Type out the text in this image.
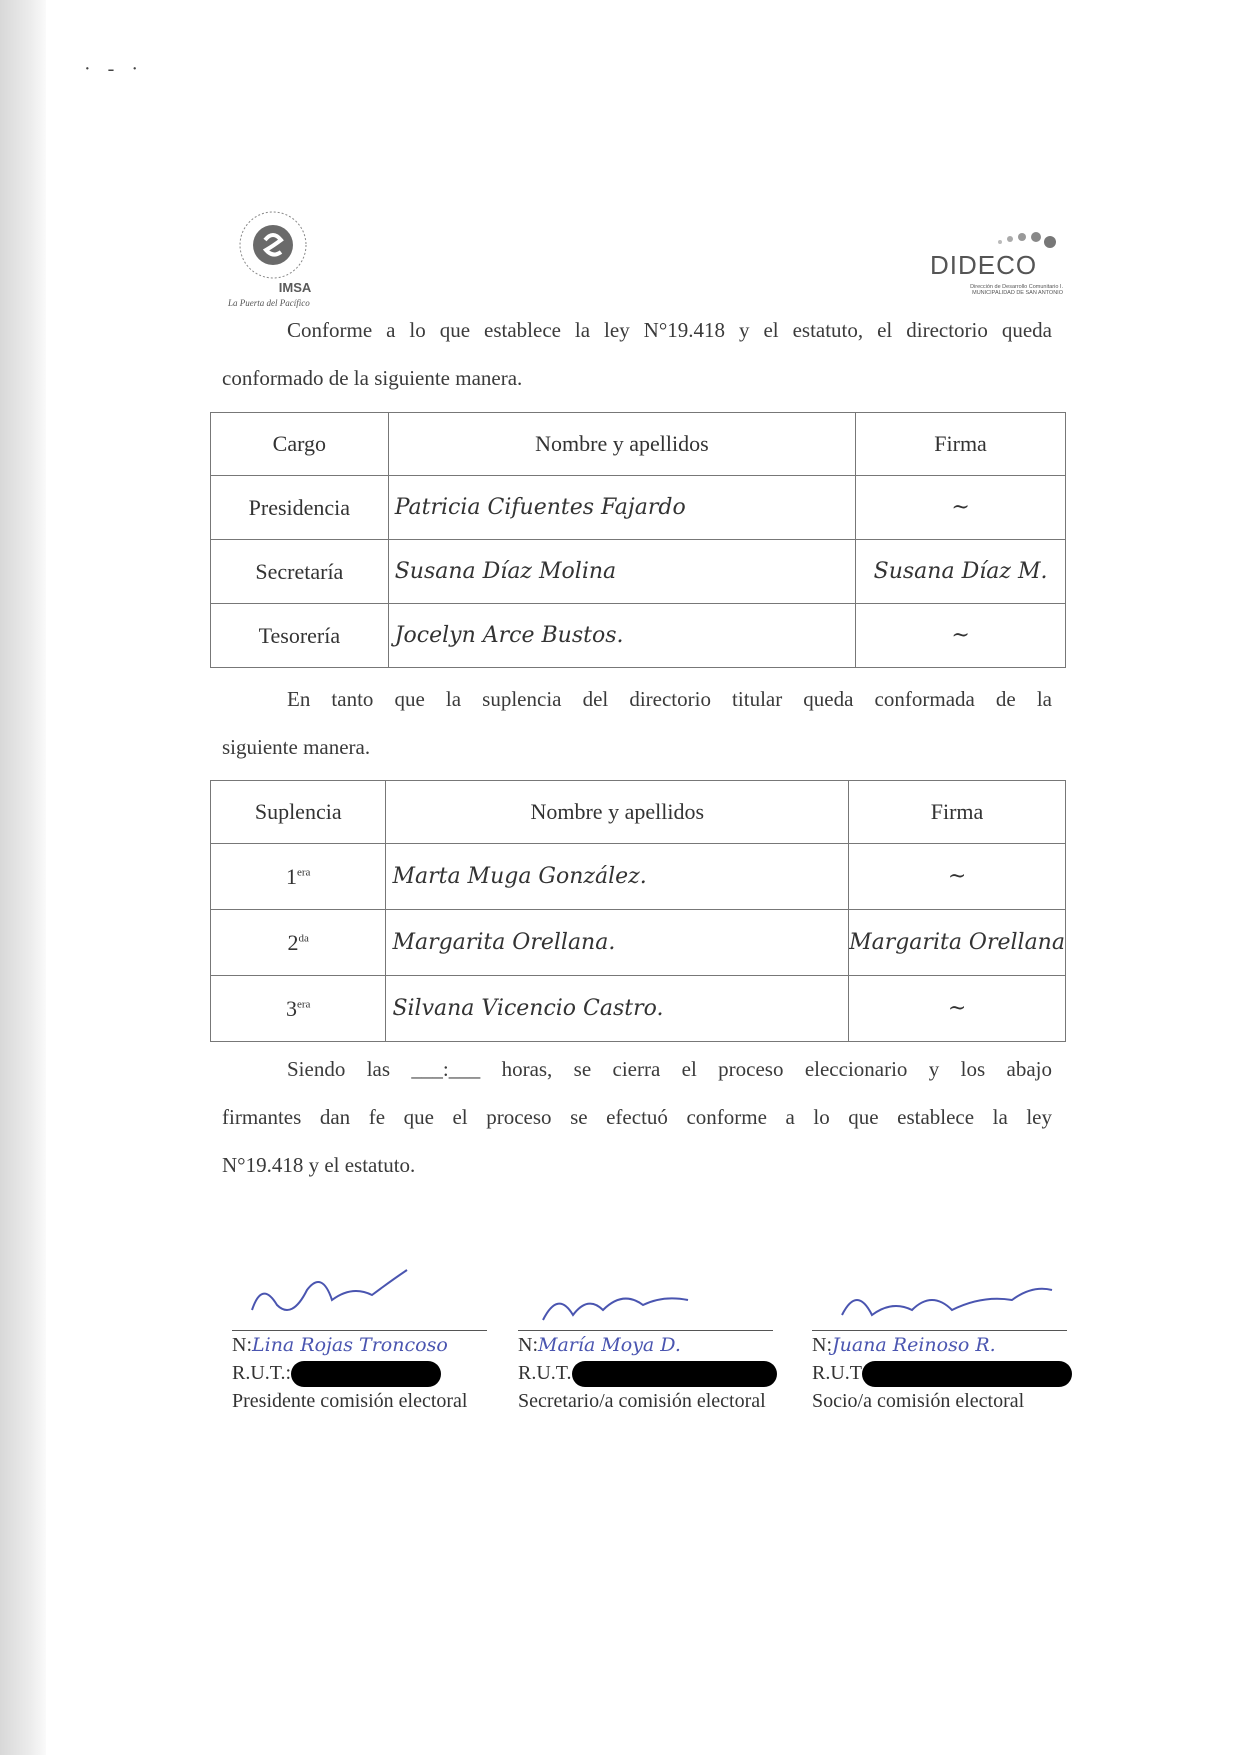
· - ·
IMSA
La Puerta del Pacífico
DIDECO
Dirección de Desarrollo Comunitario I. MUNICIPALIDAD DE SAN ANTONIO
Conforme a lo que establece la ley N°19.418 y el estatuto, el directorio queda
conformado de la siguiente manera.
Cargo	Nombre y apellidos	Firma
Presidencia	Patricia Cifuentes Fajardo	~
Secretaría	Susana Díaz Molina	Susana Díaz M.
Tesorería	Jocelyn Arce Bustos.	~
En tanto que la suplencia del directorio titular queda conformada de la
siguiente manera.
Suplencia	Nombre y apellidos	Firma
$1^{era}$	Marta Muga González.	~
$2^{da}$	Margarita Orellana.	Margarita Orellana
$3^{era}$	Silvana Vicencio Castro.	~
Siendo las ___:___ horas, se cierra el proceso eleccionario y los abajo
firmantes dan fe que el proceso se efectuó conforme a lo que establece la ley
N°19.418 y el estatuto.
N:Lina Rojas Troncoso
R.U.T.:
Presidente comisión electoral
N:María Moya D.
R.U.T.
Secretario/a comisión electoral
N:Juana Reinoso R.
R.U.T
Socio/a comisión electoral
